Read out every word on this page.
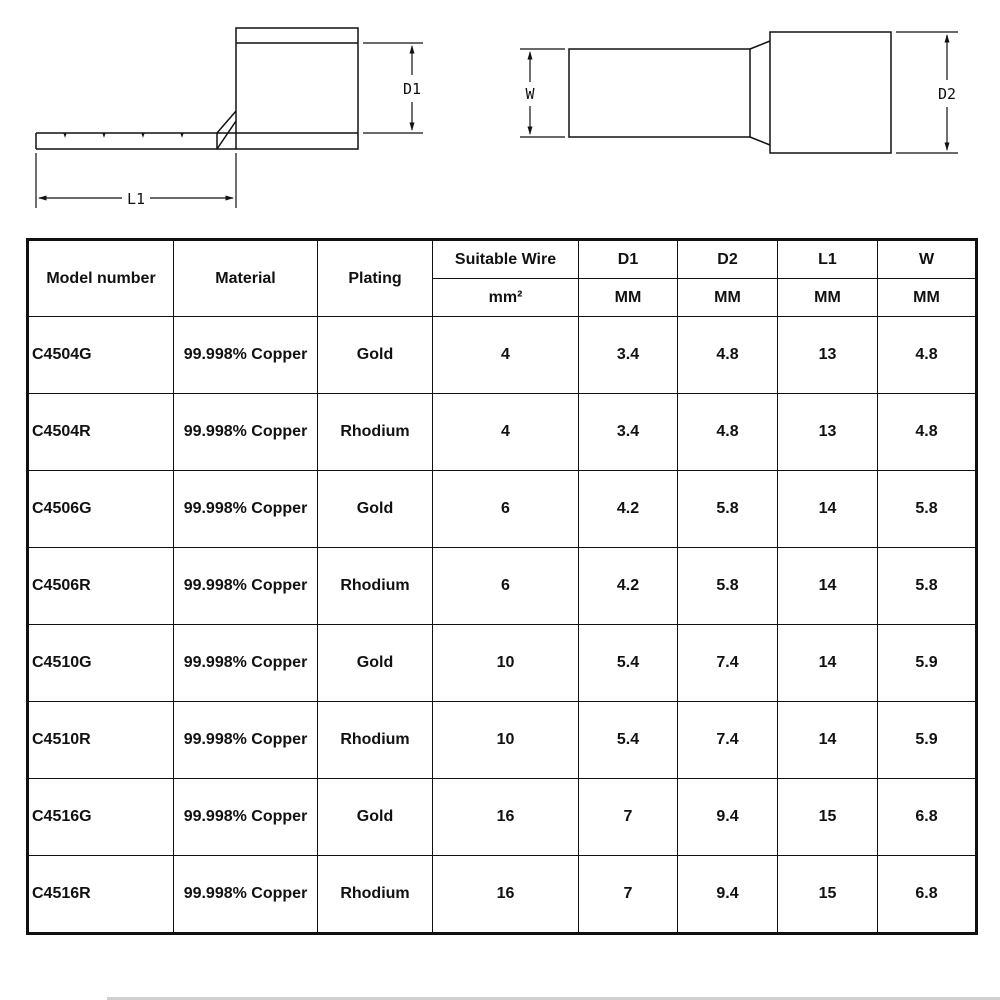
D1
L1
W	D2
Model number	Material	Plating	Suitable Wire	D1	D2	L1	W
			mm²	MM	MM	MM	MM
C4504G	99.998% Copper	Gold	4	3.4	4.8	13	4.8
C4504R	99.998% Copper	Rhodium	4	3.4	4.8	13	4.8
C4506G	99.998% Copper	Gold	6	4.2	5.8	14	5.8
C4506R	99.998% Copper	Rhodium	6	4.2	5.8	14	5.8
C4510G	99.998% Copper	Gold	10	5.4	7.4	14	5.9
C4510R	99.998% Copper	Rhodium	10	5.4	7.4	14	5.9
C4516G	99.998% Copper	Gold	16	7	9.4	15	6.8
C4516R	99.998% Copper	Rhodium	16	7	9.4	15	6.8
